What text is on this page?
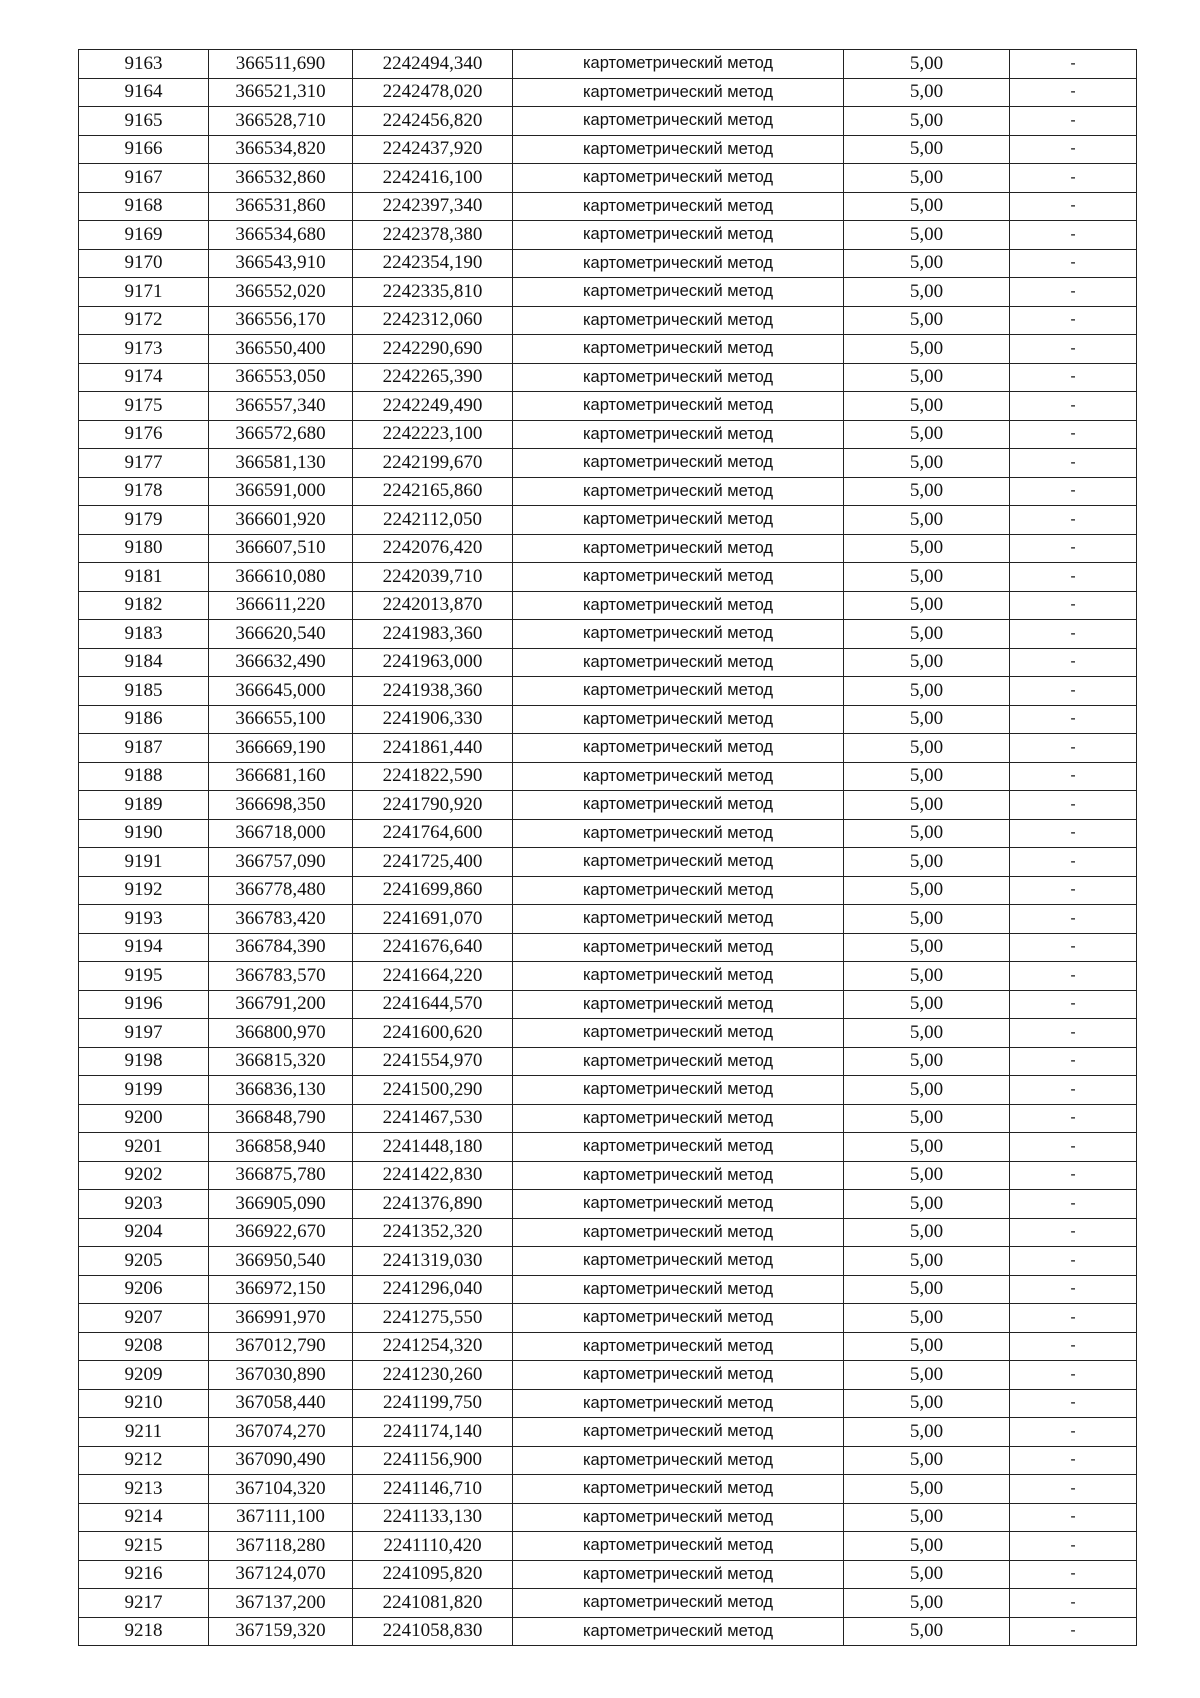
9163	366511,690	2242494,340	картометрический метод	5,00	-
9164	366521,310	2242478,020	картометрический метод	5,00	-
9165	366528,710	2242456,820	картометрический метод	5,00	-
9166	366534,820	2242437,920	картометрический метод	5,00	-
9167	366532,860	2242416,100	картометрический метод	5,00	-
9168	366531,860	2242397,340	картометрический метод	5,00	-
9169	366534,680	2242378,380	картометрический метод	5,00	-
9170	366543,910	2242354,190	картометрический метод	5,00	-
9171	366552,020	2242335,810	картометрический метод	5,00	-
9172	366556,170	2242312,060	картометрический метод	5,00	-
9173	366550,400	2242290,690	картометрический метод	5,00	-
9174	366553,050	2242265,390	картометрический метод	5,00	-
9175	366557,340	2242249,490	картометрический метод	5,00	-
9176	366572,680	2242223,100	картометрический метод	5,00	-
9177	366581,130	2242199,670	картометрический метод	5,00	-
9178	366591,000	2242165,860	картометрический метод	5,00	-
9179	366601,920	2242112,050	картометрический метод	5,00	-
9180	366607,510	2242076,420	картометрический метод	5,00	-
9181	366610,080	2242039,710	картометрический метод	5,00	-
9182	366611,220	2242013,870	картометрический метод	5,00	-
9183	366620,540	2241983,360	картометрический метод	5,00	-
9184	366632,490	2241963,000	картометрический метод	5,00	-
9185	366645,000	2241938,360	картометрический метод	5,00	-
9186	366655,100	2241906,330	картометрический метод	5,00	-
9187	366669,190	2241861,440	картометрический метод	5,00	-
9188	366681,160	2241822,590	картометрический метод	5,00	-
9189	366698,350	2241790,920	картометрический метод	5,00	-
9190	366718,000	2241764,600	картометрический метод	5,00	-
9191	366757,090	2241725,400	картометрический метод	5,00	-
9192	366778,480	2241699,860	картометрический метод	5,00	-
9193	366783,420	2241691,070	картометрический метод	5,00	-
9194	366784,390	2241676,640	картометрический метод	5,00	-
9195	366783,570	2241664,220	картометрический метод	5,00	-
9196	366791,200	2241644,570	картометрический метод	5,00	-
9197	366800,970	2241600,620	картометрический метод	5,00	-
9198	366815,320	2241554,970	картометрический метод	5,00	-
9199	366836,130	2241500,290	картометрический метод	5,00	-
9200	366848,790	2241467,530	картометрический метод	5,00	-
9201	366858,940	2241448,180	картометрический метод	5,00	-
9202	366875,780	2241422,830	картометрический метод	5,00	-
9203	366905,090	2241376,890	картометрический метод	5,00	-
9204	366922,670	2241352,320	картометрический метод	5,00	-
9205	366950,540	2241319,030	картометрический метод	5,00	-
9206	366972,150	2241296,040	картометрический метод	5,00	-
9207	366991,970	2241275,550	картометрический метод	5,00	-
9208	367012,790	2241254,320	картометрический метод	5,00	-
9209	367030,890	2241230,260	картометрический метод	5,00	-
9210	367058,440	2241199,750	картометрический метод	5,00	-
9211	367074,270	2241174,140	картометрический метод	5,00	-
9212	367090,490	2241156,900	картометрический метод	5,00	-
9213	367104,320	2241146,710	картометрический метод	5,00	-
9214	367111,100	2241133,130	картометрический метод	5,00	-
9215	367118,280	2241110,420	картометрический метод	5,00	-
9216	367124,070	2241095,820	картометрический метод	5,00	-
9217	367137,200	2241081,820	картометрический метод	5,00	-
9218	367159,320	2241058,830	картометрический метод	5,00	-
